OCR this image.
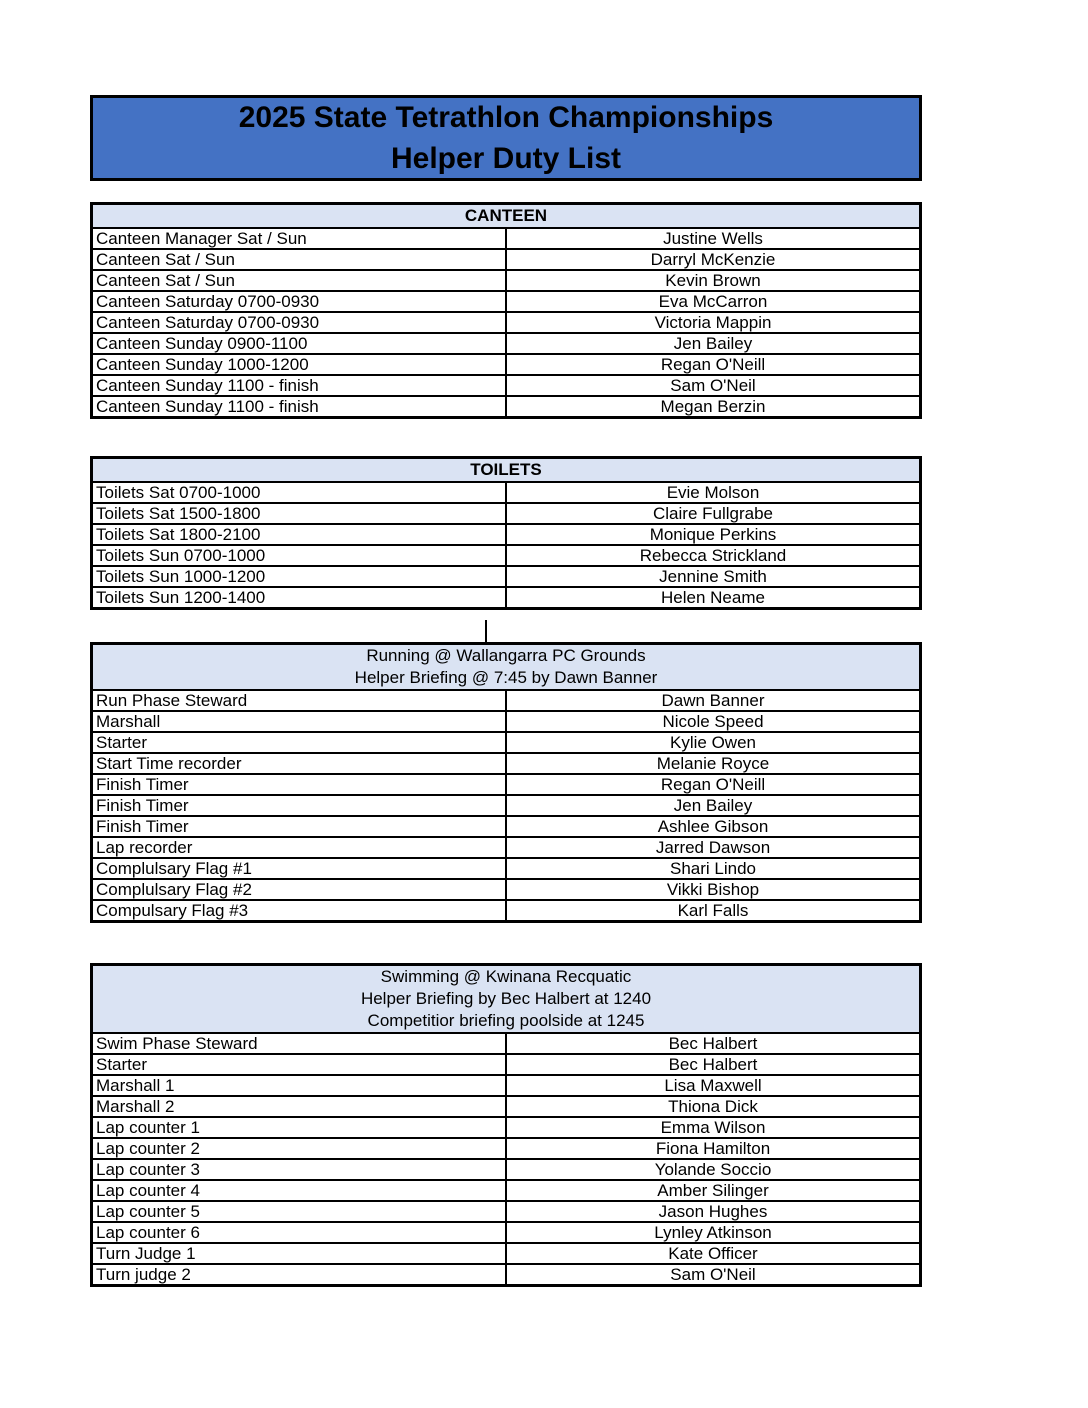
2025 State Tetrathlon Championships
Helper Duty List
CANTEEN	

Canteen Manager Sat / Sun	Justine Wells
Canteen Sat / Sun	Darryl McKenzie
Canteen Sat / Sun	Kevin Brown
Canteen Saturday 0700-0930	Eva McCarron
Canteen Saturday 0700-0930	Victoria Mappin
Canteen Sunday 0900-1100	Jen Bailey
Canteen Sunday 1000-1200	Regan O'Neill
Canteen Sunday 1100 - finish	Sam O'Neil
Canteen Sunday 1100 - finish	Megan Berzin
TOILETS	

Toilets Sat 0700-1000	Evie Molson
Toilets Sat 1500-1800	Claire Fullgrabe
Toilets Sat 1800-2100	Monique Perkins
Toilets Sun 0700-1000	Rebecca Strickland
Toilets Sun 1000-1200	Jennine Smith
Toilets Sun 1200-1400	Helen Neame
Running @ Wallangarra PC Grounds
Helper Briefing @ 7:45 by Dawn Banner	

Run Phase Steward	Dawn Banner
Marshall	Nicole Speed
Starter	Kylie Owen
Start Time recorder	Melanie Royce
Finish Timer	Regan O'Neill
Finish Timer	Jen Bailey
Finish Timer	Ashlee Gibson
Lap recorder	Jarred Dawson
Complulsary Flag #1	Shari Lindo
Complulsary Flag #2	Vikki Bishop
Compulsary Flag #3	Karl Falls
Swimming @ Kwinana Recquatic
Helper Briefing by Bec Halbert at 1240
Competitior briefing poolside at 1245	

Swim Phase Steward	Bec Halbert
Starter	Bec Halbert
Marshall 1	Lisa Maxwell
Marshall 2	Thiona Dick
Lap counter 1	Emma Wilson
Lap counter 2	Fiona Hamilton
Lap counter 3	Yolande Soccio
Lap counter 4	Amber Silinger
Lap counter 5	Jason Hughes
Lap counter 6	Lynley Atkinson
Turn Judge 1	Kate Officer
Turn judge 2	Sam O'Neil
